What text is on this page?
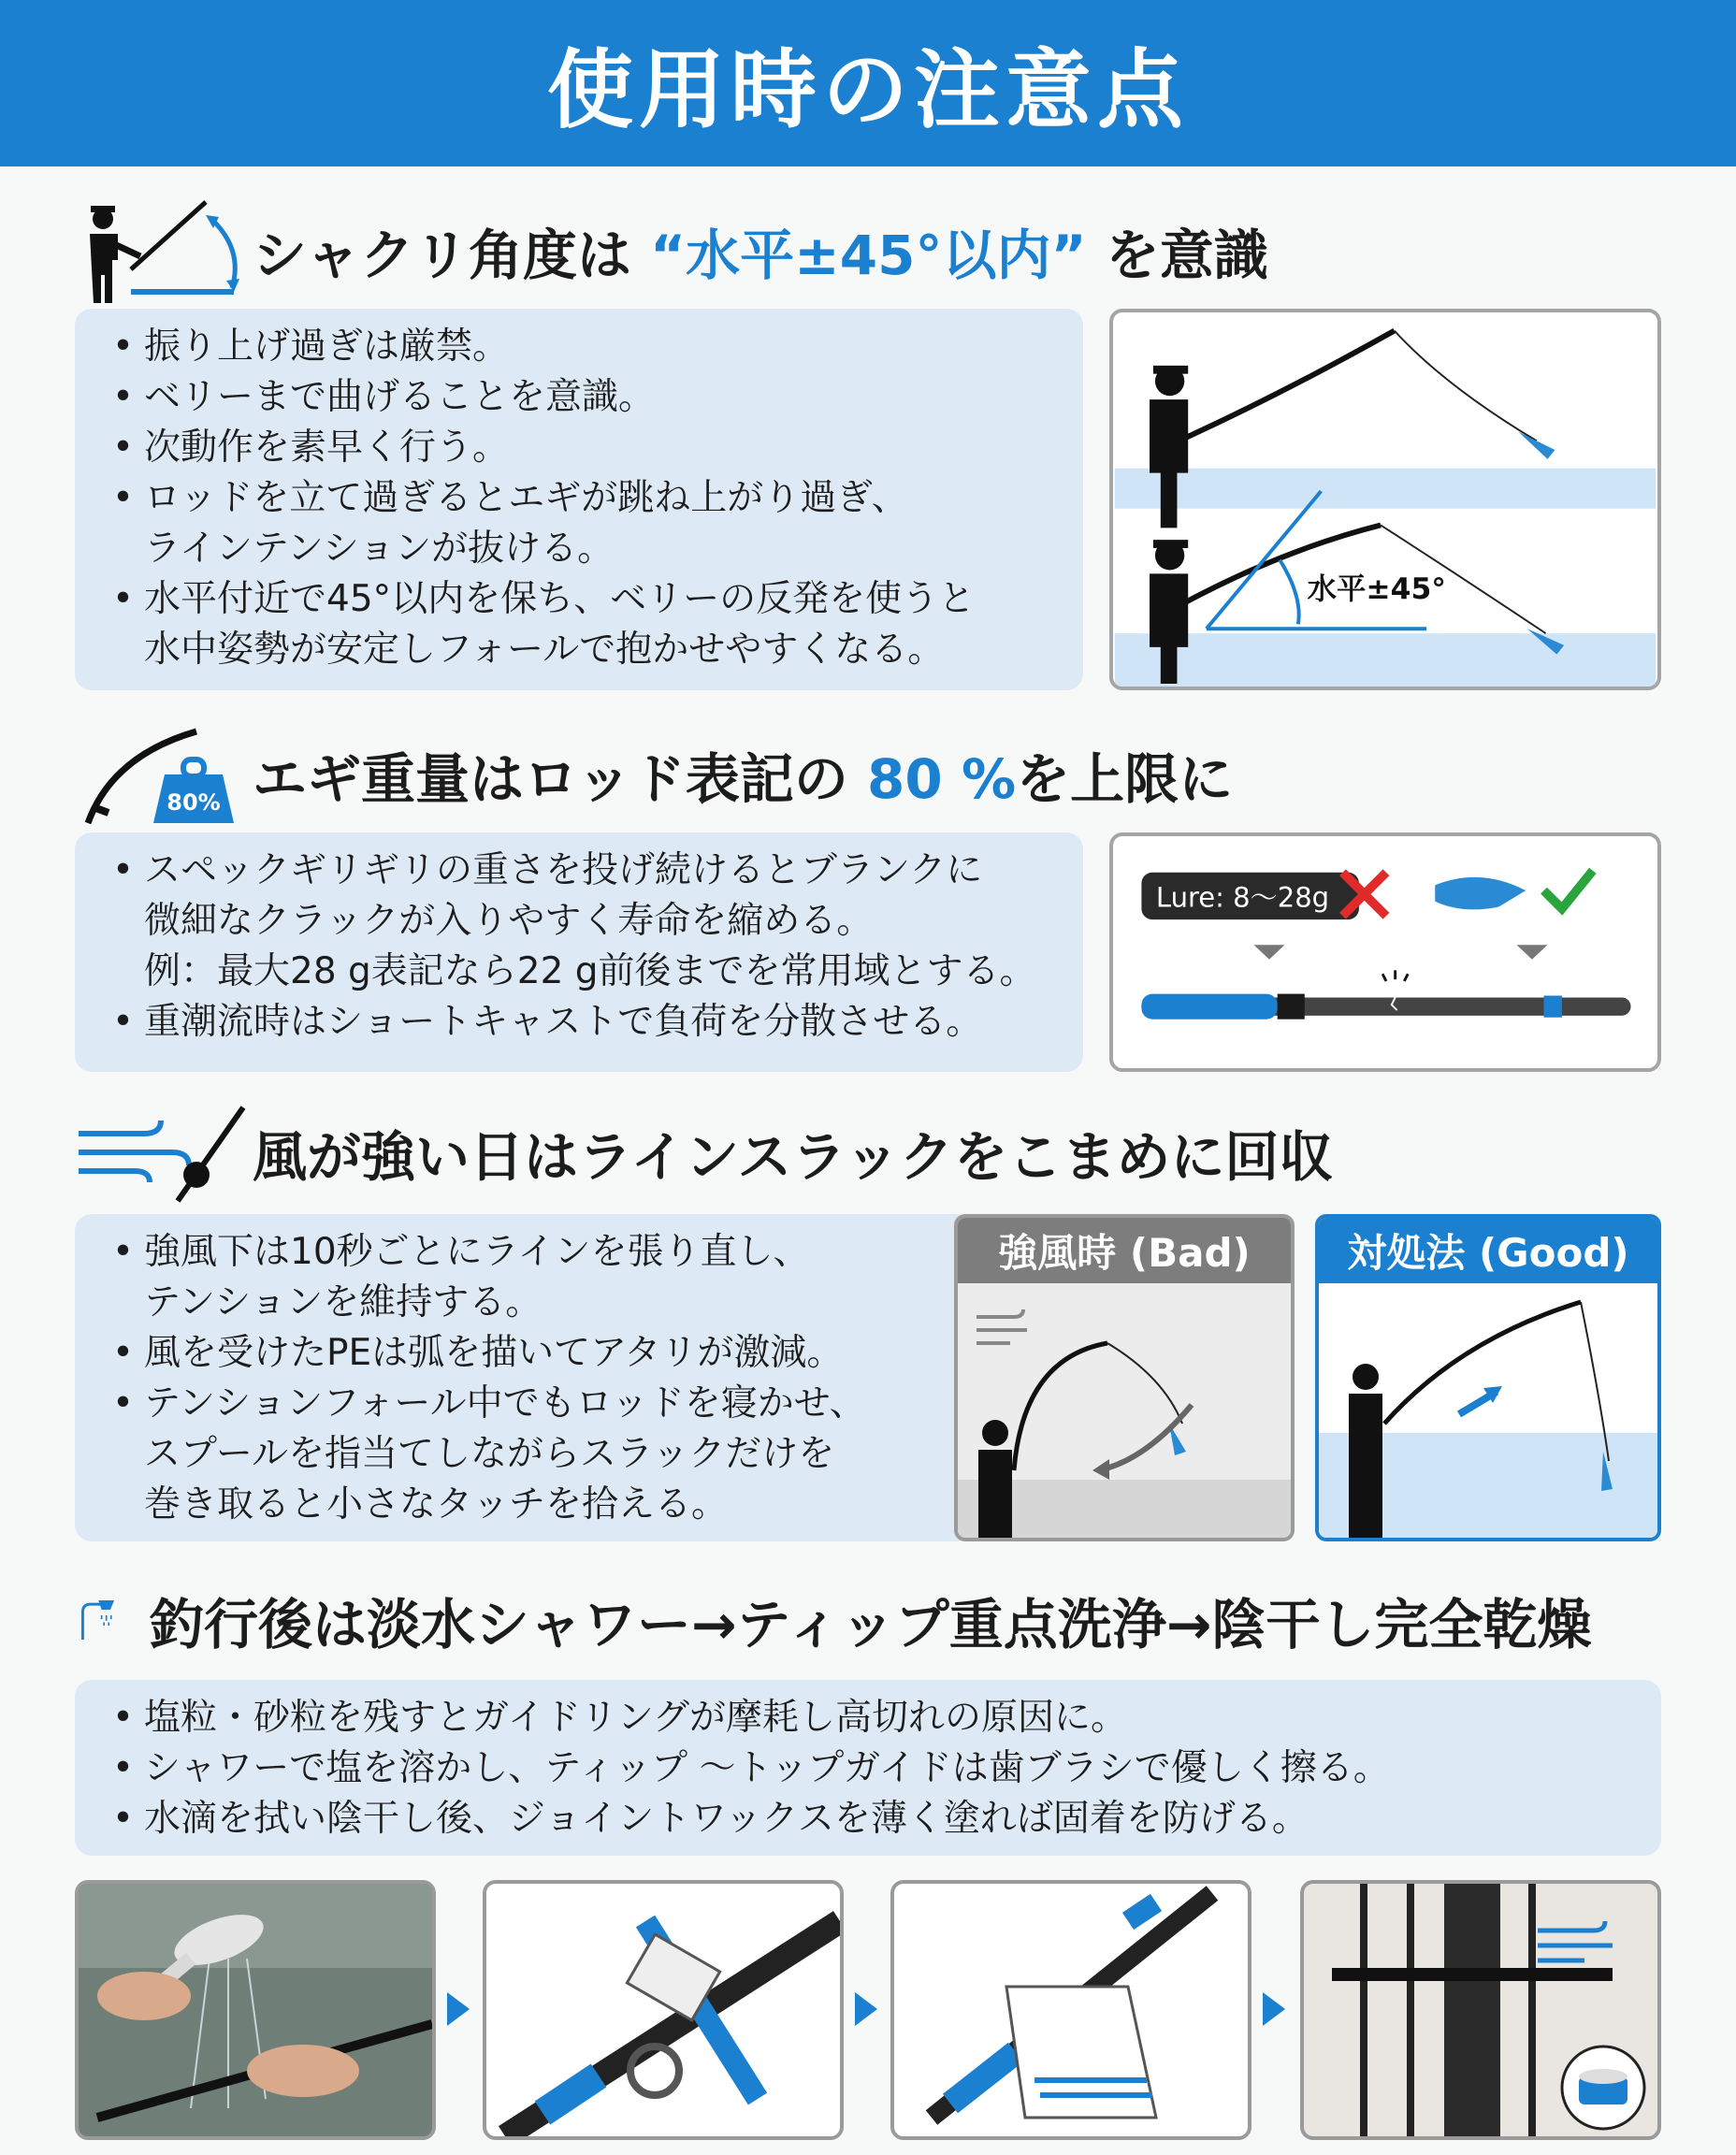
使用時の注意点
シャクリ角度は “水平±45°以内” を意識
• 振り上げ過ぎは厳禁。
• ベリーまで曲げることを意識。
• 次動作を素早く行う。
• ロッドを立て過ぎるとエギが跳ね上がり過ぎ、
ラインテンションが抜ける。
• 水平付近で45°以内を保ち、ベリーの反発を使うと
水中姿勢が安定しフォールで抱かせやすくなる。
水平±45°
80% エギ重量はロッド表記の 80 %を上限に
• スペックギリギリの重さを投げ続けるとブランクに
微細なクラックが入りやすく寿命を縮める。
例：最大28 g表記なら22 g前後までを常用域とする。
• 重潮流時はショートキャストで負荷を分散させる。
Lure: 8〜28g
風が強い日はラインスラックをこまめに回収
• 強風下は10秒ごとにラインを張り直し、
テンションを維持する。
• 風を受けたPEは弧を描いてアタリが激減。
• テンションフォール中でもロッドを寝かせ、
スプールを指当てしながらスラックだけを
巻き取ると小さなタッチを拾える。
強風時 (Bad)	対処法 (Good)
釣行後は淡水シャワー→ティップ重点洗浄→陰干し完全乾燥
• 塩粒・砂粒を残すとガイドリングが摩耗し高切れの原因に。
• シャワーで塩を溶かし、ティップ 〜トップガイドは歯ブラシで優しく擦る。
• 水滴を拭い陰干し後、ジョイントワックスを薄く塗れば固着を防げる。
